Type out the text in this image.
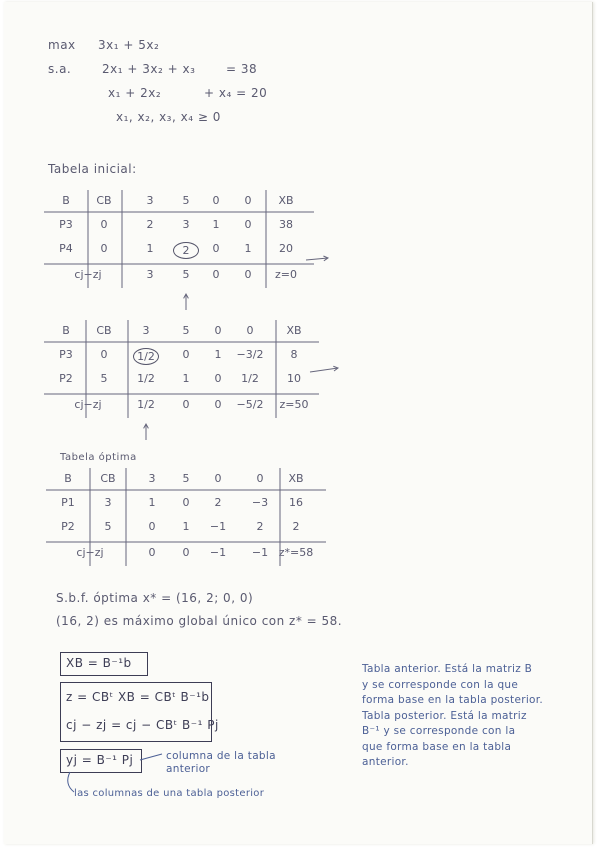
max 3x₁ + 5x₂
s.a.	2x₁ + 3x₂ + x₃	= 38
x₁ + 2x₂	+ x₄ = 20
x₁, x₂, x₃, x₄ ≥ 0
Tabela inicial:
B	CB	3	5	0	0	XB
P3	0	2	3	1	0	38
P4	0	1	2	0	1	20
cj−zj	3	5	0	0	z=0
B	CB	3	5	0	0	XB
P3	0	1/2	0	1	−3/2	8
P2	5	1/2	1	0	1/2	10
cj−zj	1/2	0	0	−5/2	z=50
Tabela óptima
B	CB	3	5	0	0	XB
P1	3	1	0	2	−3	16
P2	5	0	1	−1	2	2
cj−zj	0	0	−1	−1 z*=58
S.b.f. óptima x* = (16, 2; 0, 0)
(16, 2) es máximo global único con z* = 58.
XB = B⁻¹b
z = CBᵗ XB = CBᵗ B⁻¹b
cj − zj = cj − CBᵗ B⁻¹ Pj
yj = B⁻¹ Pj	columna de la tabla anterior
las columnas de una tabla posterior
Tabla anterior. Está la matriz B
y se corresponde con la que
forma base en la tabla posterior.
Tabla posterior. Está la matriz
B⁻¹ y se corresponde con la
que forma base en la tabla
anterior.
